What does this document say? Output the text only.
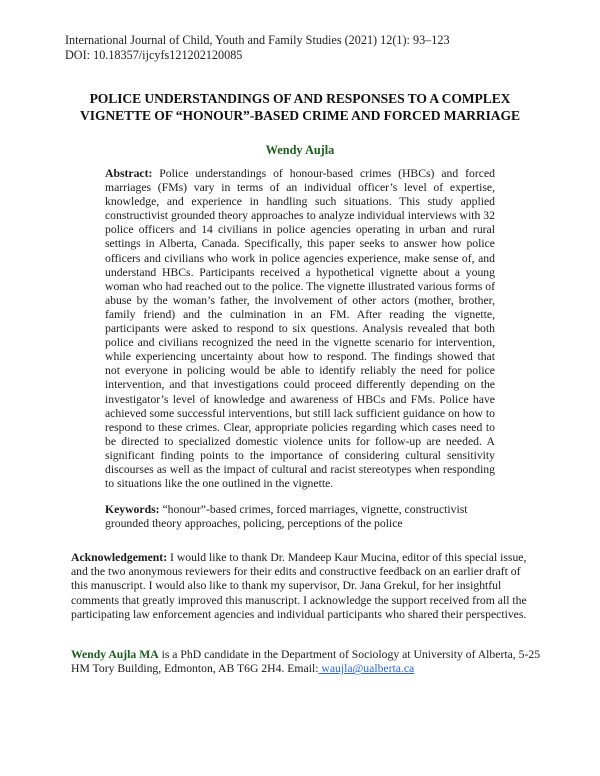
International Journal of Child, Youth and Family Studies (2021) 12(1): 93–123
DOI: 10.18357/ijcyfs121202120085
POLICE UNDERSTANDINGS OF AND RESPONSES TO A COMPLEX
VIGNETTE OF “HONOUR”-BASED CRIME AND FORCED MARRIAGE
Wendy Aujla
Abstract: Police understandings of honour-based crimes (HBCs) and forced marriages (FMs) vary in terms of an individual officer’s level of expertise, knowledge, and experience in handling such situations. This study applied constructivist grounded theory approaches to analyze individual interviews with 32 police officers and 14 civilians in police agencies operating in urban and rural settings in Alberta, Canada. Specifically, this paper seeks to answer how police officers and civilians who work in police agencies experience, make sense of, and understand HBCs. Participants received a hypothetical vignette about a young woman who had reached out to the police. The vignette illustrated various forms of abuse by the woman’s father, the involvement of other actors (mother, brother, family friend) and the culmination in an FM. After reading the vignette, participants were asked to respond to six questions. Analysis revealed that both police and civilians recognized the need in the vignette scenario for intervention, while experiencing uncertainty about how to respond. The findings showed that not everyone in policing would be able to identify reliably the need for police intervention, and that investigations could proceed differently depending on the investigator’s level of knowledge and awareness of HBCs and FMs. Police have achieved some successful interventions, but still lack sufficient guidance on how to respond to these crimes. Clear, appropriate policies regarding which cases need to be directed to specialized domestic violence units for follow-up are needed. A significant finding points to the importance of considering cultural sensitivity discourses as well as the impact of cultural and racist stereotypes when responding to situations like the one outlined in the vignette.
Keywords: “honour”-based crimes, forced marriages, vignette, constructivist grounded theory approaches, policing, perceptions of the police
Acknowledgement: I would like to thank Dr. Mandeep Kaur Mucina, editor of this special issue, and the two anonymous reviewers for their edits and constructive feedback on an earlier draft of this manuscript. I would also like to thank my supervisor, Dr. Jana Grekul, for her insightful comments that greatly improved this manuscript. I acknowledge the support received from all the participating law enforcement agencies and individual participants who shared their perspectives.
Wendy Aujla MA is a PhD candidate in the Department of Sociology at University of Alberta, 5-25 HM Tory Building, Edmonton, AB T6G 2H4. Email: waujla@ualberta.ca
